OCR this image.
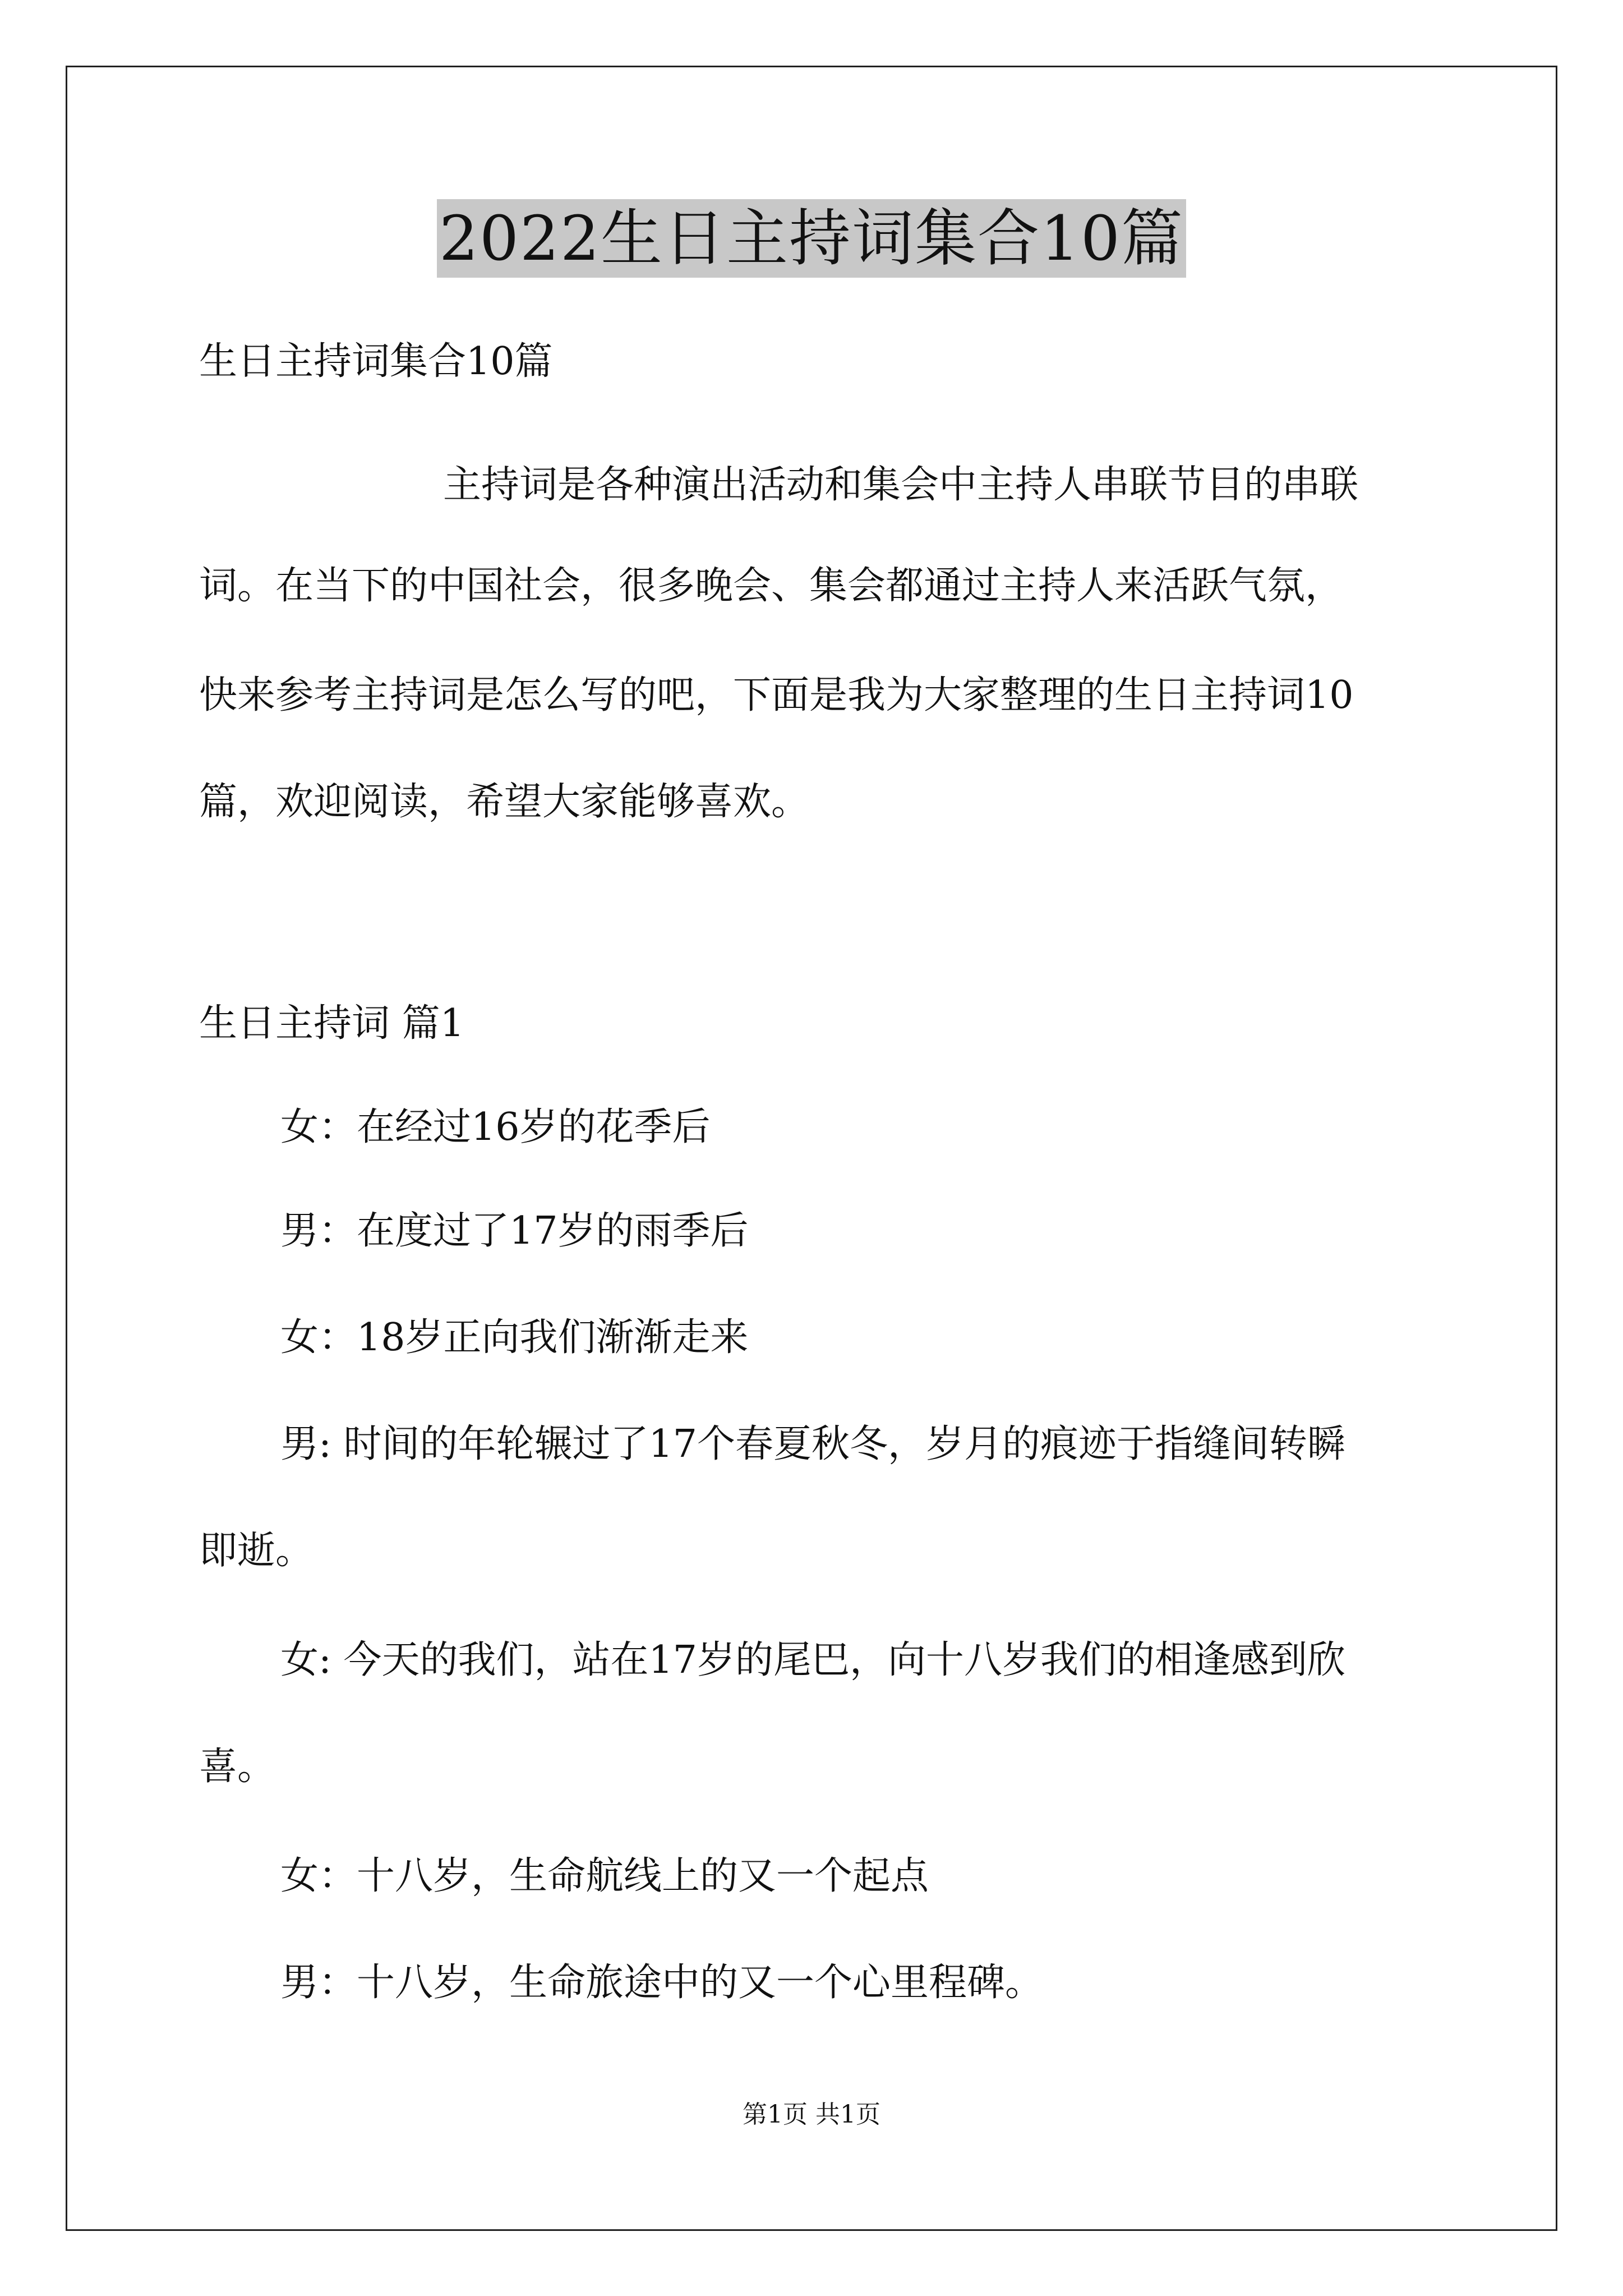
2022生日主持词集合10篇

生日主持词集合10篇

主持词是各种演出活动和集会中主持人串联节目的串联

词。在当下的中国社会，很多晚会、集会都通过主持人来活跃气氛，

快来参考主持词是怎么写的吧，下面是我为大家整理的生日主持词10

篇，欢迎阅读，希望大家能够喜欢。

生日主持词 篇1

女：在经过16岁的花季后

男：在度过了17岁的雨季后

女：18岁正向我们渐渐走来

男: 时间的年轮辗过了17个春夏秋冬，岁月的痕迹于指缝间转瞬

即逝。

女: 今天的我们，站在17岁的尾巴，向十八岁我们的相逢感到欣

喜。

女：十八岁，生命航线上的又一个起点

男：十八岁，生命旅途中的又一个心里程碑。

第1页 共1页
